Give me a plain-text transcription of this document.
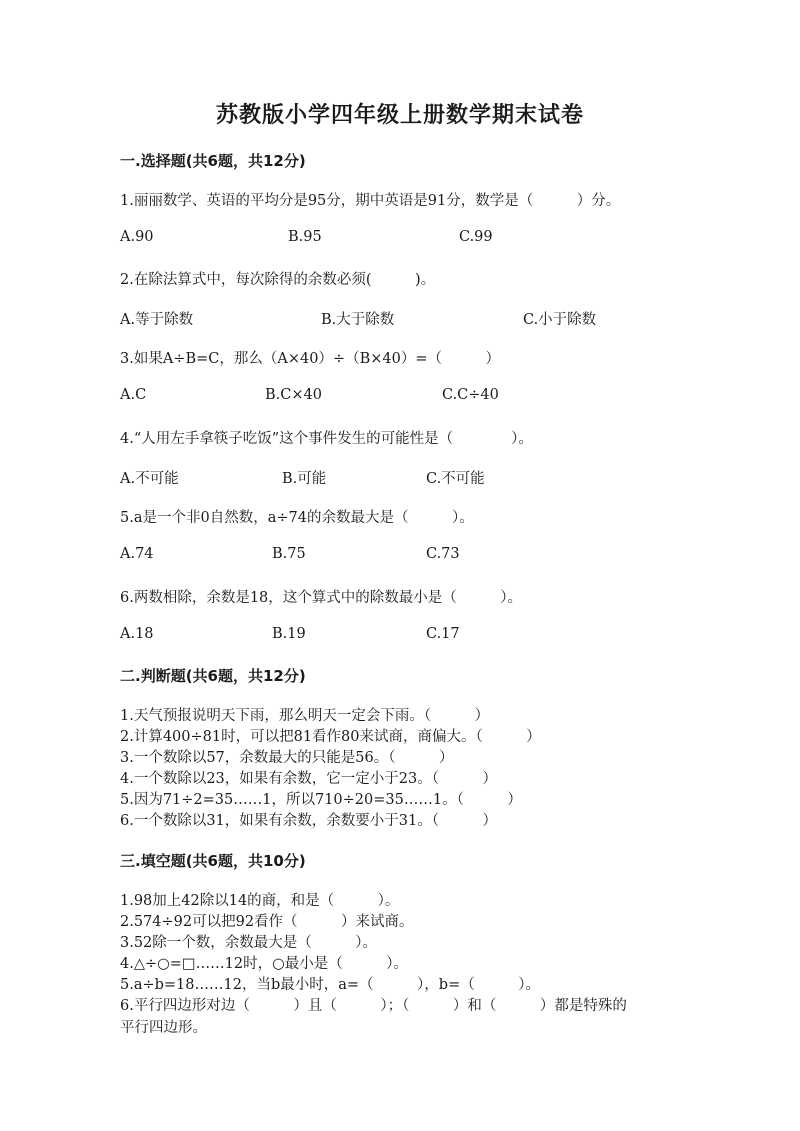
苏教版小学四年级上册数学期末试卷
一.选择题(共6题，共12分)
1.丽丽数学、英语的平均分是95分，期中英语是91分，数学是（　　　）分。
A.90	B.95	C.99
2.在除法算式中，每次除得的余数必须(　　　)。
A.等于除数	B.大于除数	C.小于除数
3.如果A÷B=C，那么（A×40）÷（B×40）=（　　　）
A.C	B.C×40	C.C÷40
4.“人用左手拿筷子吃饭”这个事件发生的可能性是（　　　　）。
A.不可能	B.可能	C.不可能
5.a是一个非0自然数，a÷74的余数最大是（　　　）。
A.74	B.75	C.73
6.两数相除，余数是18，这个算式中的除数最小是（　　　）。
A.18	B.19	C.17
二.判断题(共6题，共12分)
1.天气预报说明天下雨，那么明天一定会下雨。（　　　）
2.计算400÷81时，可以把81看作80来试商，商偏大。（　　　）
3.一个数除以57，余数最大的只能是56。（　　　）
4.一个数除以23，如果有余数，它一定小于23。（　　　）
5.因为71÷2=35……1，所以710÷20=35……1。（　　　）
6.一个数除以31，如果有余数，余数要小于31。（　　　）
三.填空题(共6题，共10分)
1.98加上42除以14的商，和是（　　　）。
2.574÷92可以把92看作（　　　）来试商。
3.52除一个数，余数最大是（　　　）。
4.△÷○=□……12时，○最小是（　　　）。
5.a÷b=18……12，当b最小时，a=（　　　），b=（　　　）。
6.平行四边形对边（　　　）且（　　　）；（　　　）和（　　　）都是特殊的
平行四边形。
